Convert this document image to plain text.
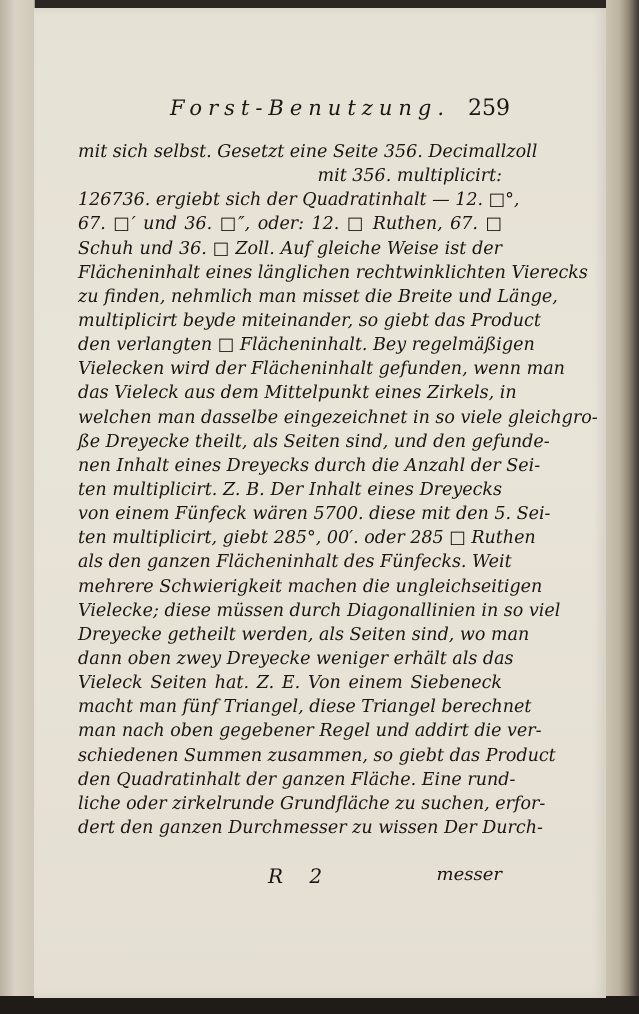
Forst-Benutzung. 259
mit sich selbst. Gesetzt eine Seite 356. Decimallzoll
mit 356. multiplicirt:
126736. ergiebt sich der Quadratinhalt — 12. □°,
67. □′ und 36. □″, oder: 12. □ Ruthen, 67. □
Schuh und 36. □ Zoll. Auf gleiche Weise ist der
Flächeninhalt eines länglichen rechtwinklichten Vierecks
zu finden, nehmlich man misset die Breite und Länge,
multiplicirt beyde miteinander, so giebt das Product
den verlangten □ Flächeninhalt. Bey regelmäßigen
Vielecken wird der Flächeninhalt gefunden, wenn man
das Vieleck aus dem Mittelpunkt eines Zirkels, in
welchen man dasselbe eingezeichnet in so viele gleichgro-
ße Dreyecke theilt, als Seiten sind, und den gefunde-
nen Inhalt eines Dreyecks durch die Anzahl der Sei-
ten multiplicirt. Z. B. Der Inhalt eines Dreyecks
von einem Fünfeck wären 5700. diese mit den 5. Sei-
ten multiplicirt, giebt 285°, 00′. oder 285 □ Ruthen
als den ganzen Flächeninhalt des Fünfecks. Weit
mehrere Schwierigkeit machen die ungleichseitigen
Vielecke; diese müssen durch Diagonallinien in so viel
Dreyecke getheilt werden, als Seiten sind, wo man
dann oben zwey Dreyecke weniger erhält als das
Vieleck Seiten hat. Z. E. Von einem Siebeneck
macht man fünf Triangel, diese Triangel berechnet
man nach oben gegebener Regel und addirt die ver-
schiedenen Summen zusammen, so giebt das Product
den Quadratinhalt der ganzen Fläche. Eine rund-
liche oder zirkelrunde Grundfläche zu suchen, erfor-
dert den ganzen Durchmesser zu wissen Der Durch-
R 2	messer
